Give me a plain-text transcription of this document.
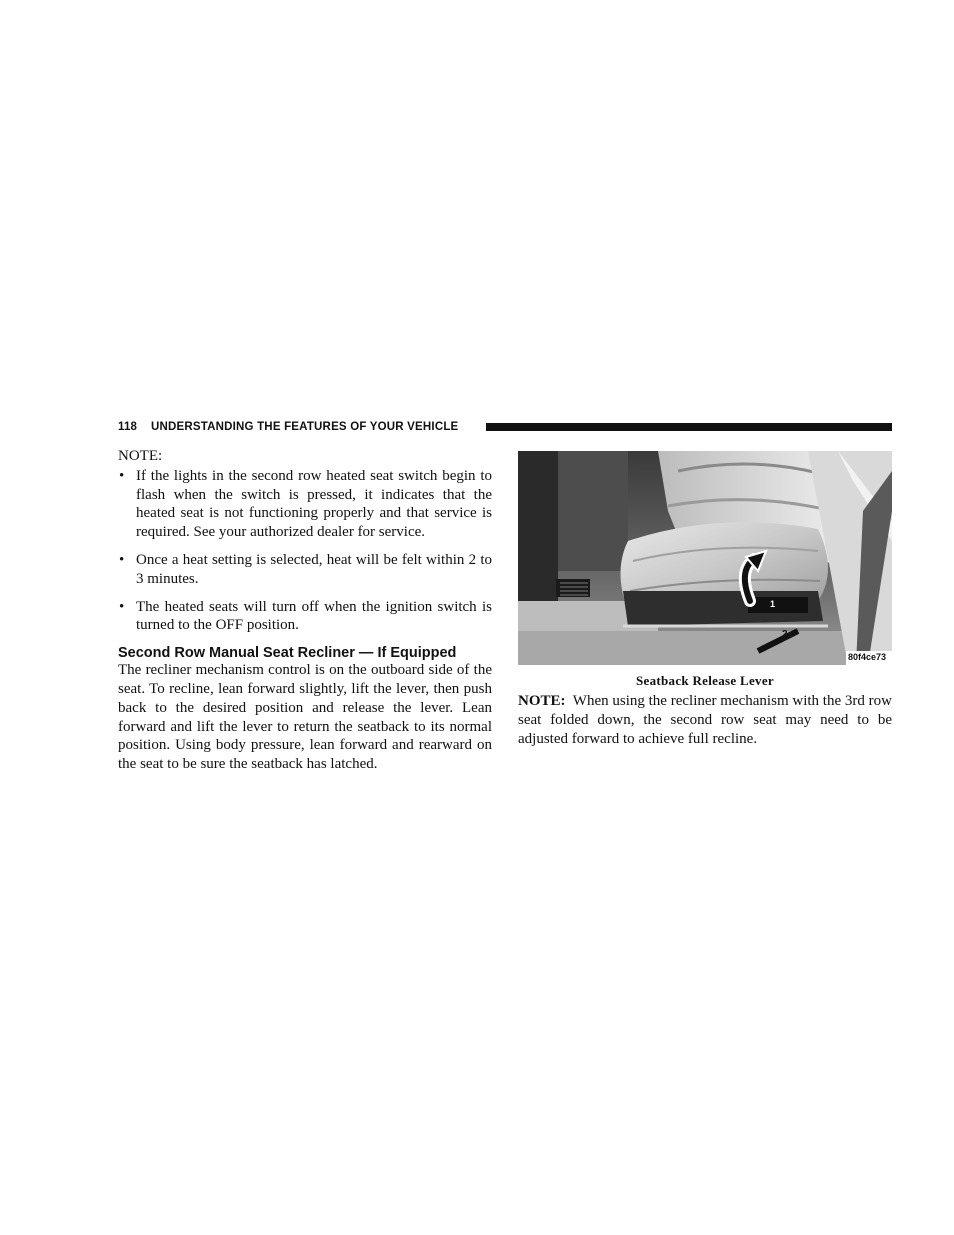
118 UNDERSTANDING THE FEATURES OF YOUR VEHICLE

NOTE:

• If the lights in the second row heated seat switch begin to flash when the switch is pressed, it indicates that the heated seat is not functioning properly and that service is required. See your authorized dealer for service.
• Once a heat setting is selected, heat will be felt within 2 to 3 minutes.
• The heated seats will turn off when the ignition switch is turned to the OFF position.
Second Row Manual Seat Recliner — If Equipped

The recliner mechanism control is on the outboard side of the seat. To recline, lean forward slightly, lift the lever, then push back to the desired position and release the lever. Lean forward and lift the lever to return the seatback to its normal position. Using body pressure, lean forward and rearward on the seat to be sure the seatback has latched.

1
2
80f4ce73
Seatback Release Lever

NOTE: When using the recliner mechanism with the 3rd row seat folded down, the second row seat may need to be adjusted forward to achieve full recline.
